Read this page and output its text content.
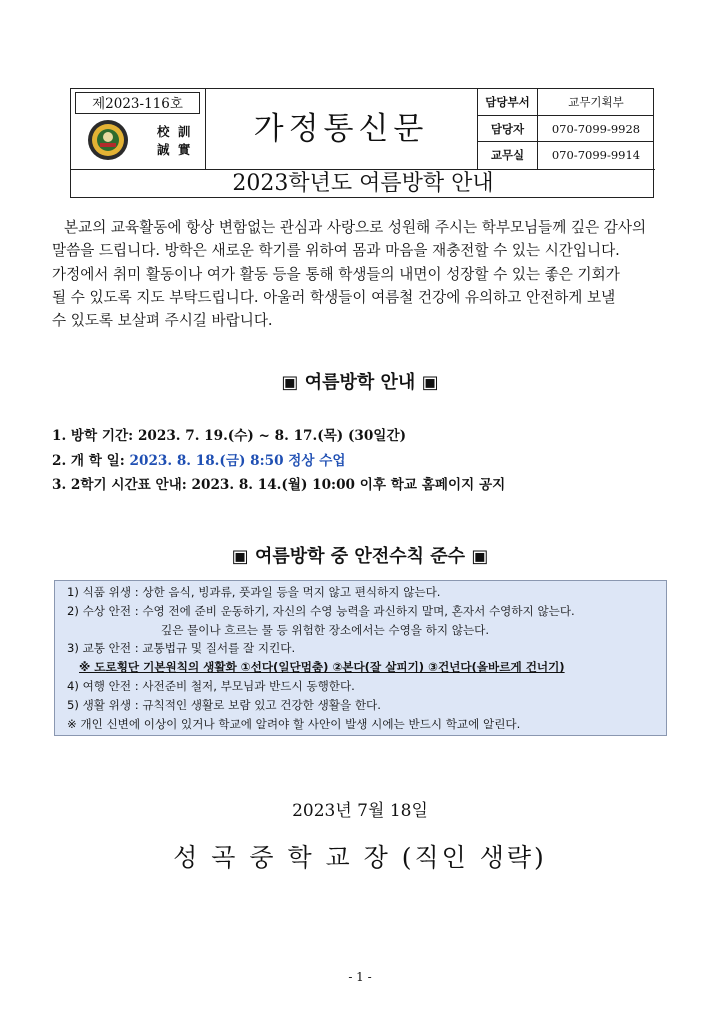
제2023-116호
校 訓
誠 實
가정통신문
담당부서	교무기획부
담당자	070-7099-9928
교무실	070-7099-9914
2023학년도 여름방학 안내
본교의 교육활동에 항상 변함없는 관심과 사랑으로 성원해 주시는 학부모님들께 깊은 감사의
말씀을 드립니다. 방학은 새로운 학기를 위하여 몸과 마음을 재충전할 수 있는 시간입니다.
가정에서 취미 활동이나 여가 활동 등을 통해 학생들의 내면이 성장할 수 있는 좋은 기회가
될 수 있도록 지도 부탁드립니다. 아울러 학생들이 여름철 건강에 유의하고 안전하게 보낼
수 있도록 보살펴 주시길 바랍니다.
▣ 여름방학 안내 ▣
1. 방학 기간: 2023. 7. 19.(수) ~ 8. 17.(목) (30일간)
2. 개 학 일: 2023. 8. 18.(금) 8:50 정상 수업
3. 2학기 시간표 안내: 2023. 8. 14.(월) 10:00 이후 학교 홈페이지 공지
▣ 여름방학 중 안전수칙 준수 ▣
1) 식품 위생 : 상한 음식, 빙과류, 풋과일 등을 먹지 않고 편식하지 않는다.
2) 수상 안전 : 수영 전에 준비 운동하기, 자신의 수영 능력을 과신하지 말며, 혼자서 수영하지 않는다.
깊은 물이나 흐르는 물 등 위험한 장소에서는 수영을 하지 않는다.
3) 교통 안전 : 교통법규 및 질서를 잘 지킨다.
※ 도로횡단 기본원칙의 생활화 ①선다(일단멈춤) ②본다(잘 살피기) ③건넌다(올바르게 건너기)
4) 여행 안전 : 사전준비 철저, 부모님과 반드시 동행한다.
5) 생활 위생 : 규칙적인 생활로 보람 있고 건강한 생활을 한다.
※ 개인 신변에 이상이 있거나 학교에 알려야 할 사안이 발생 시에는 반드시 학교에 알린다.
2023년 7월 18일
성 곡 중 학 교 장 (직인 생략)
- 1 -
